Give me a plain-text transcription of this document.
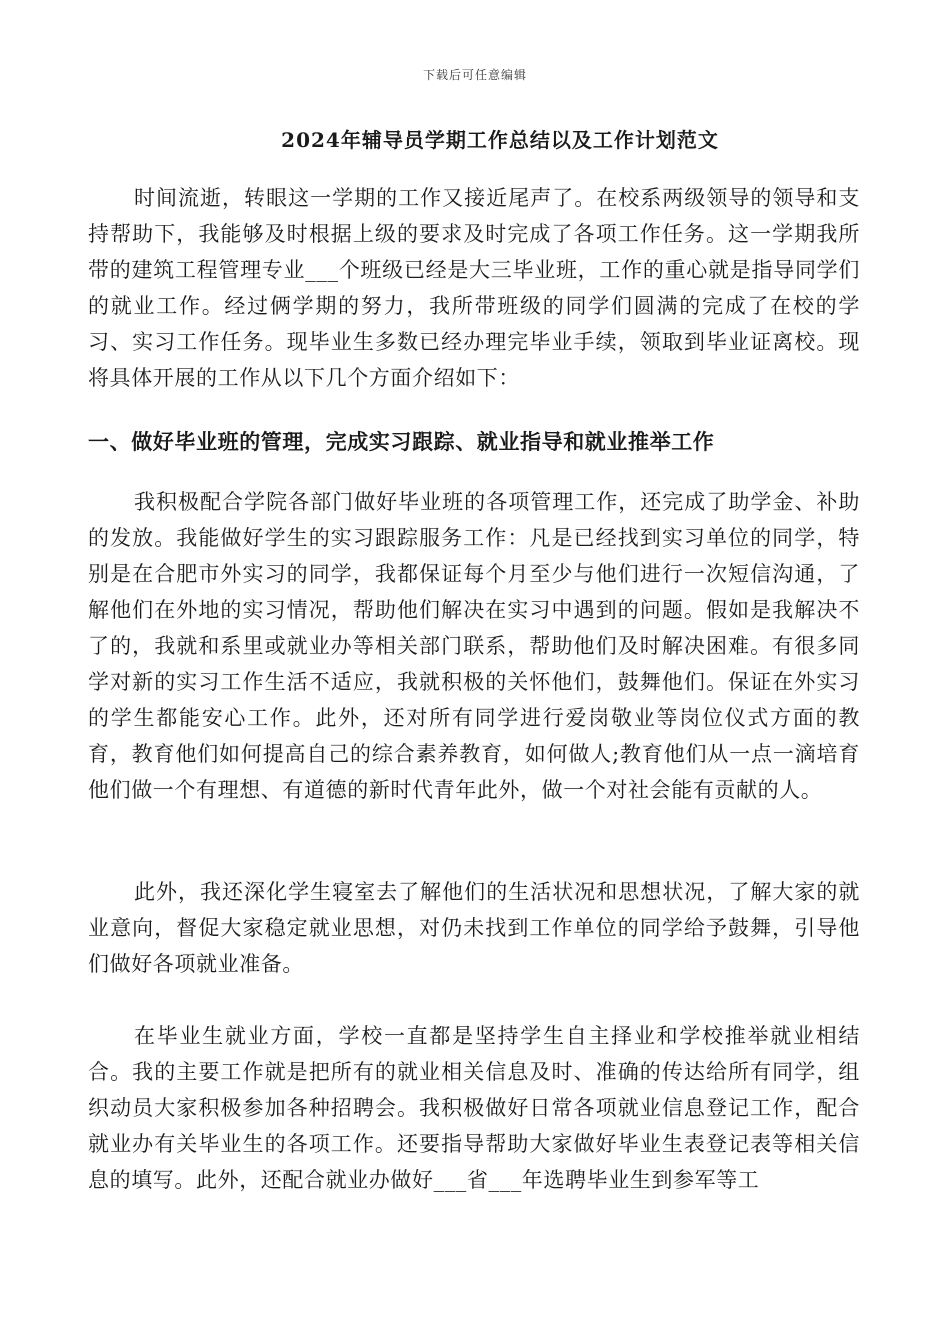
下载后可任意编辑
2024年辅导员学期工作总结以及工作计划范文

时间流逝，转眼这一学期的工作又接近尾声了。在校系两级领导的领导和支持帮助下，我能够及时根据上级的要求及时完成了各项工作任务。这一学期我所带的建筑工程管理专业___个班级已经是大三毕业班，工作的重心就是指导同学们的就业工作。经过俩学期的努力，我所带班级的同学们圆满的完成了在校的学习、实习工作任务。现毕业生多数已经办理完毕业手续，领取到毕业证离校。现将具体开展的工作从以下几个方面介绍如下：

一、做好毕业班的管理，完成实习跟踪、就业指导和就业推举工作

我积极配合学院各部门做好毕业班的各项管理工作，还完成了助学金、补助的发放。我能做好学生的实习跟踪服务工作：凡是已经找到实习单位的同学，特别是在合肥市外实习的同学，我都保证每个月至少与他们进行一次短信沟通，了解他们在外地的实习情况，帮助他们解决在实习中遇到的问题。假如是我解决不了的，我就和系里或就业办等相关部门联系，帮助他们及时解决困难。有很多同学对新的实习工作生活不适应，我就积极的关怀他们，鼓舞他们。保证在外实习的学生都能安心工作。此外，还对所有同学进行爱岗敬业等岗位仪式方面的教育，教育他们如何提高自己的综合素养教育，如何做人;教育他们从一点一滴培育他们做一个有理想、有道德的新时代青年此外，做一个对社会能有贡献的人。

此外，我还深化学生寝室去了解他们的生活状况和思想状况，了解大家的就业意向，督促大家稳定就业思想，对仍未找到工作单位的同学给予鼓舞，引导他们做好各项就业准备。

在毕业生就业方面，学校一直都是坚持学生自主择业和学校推举就业相结合。我的主要工作就是把所有的就业相关信息及时、准确的传达给所有同学，组织动员大家积极参加各种招聘会。我积极做好日常各项就业信息登记工作，配合就业办有关毕业生的各项工作。还要指导帮助大家做好毕业生表登记表等相关信息的填写。此外，还配合就业办做好___省___年选聘毕业生到参军等工
